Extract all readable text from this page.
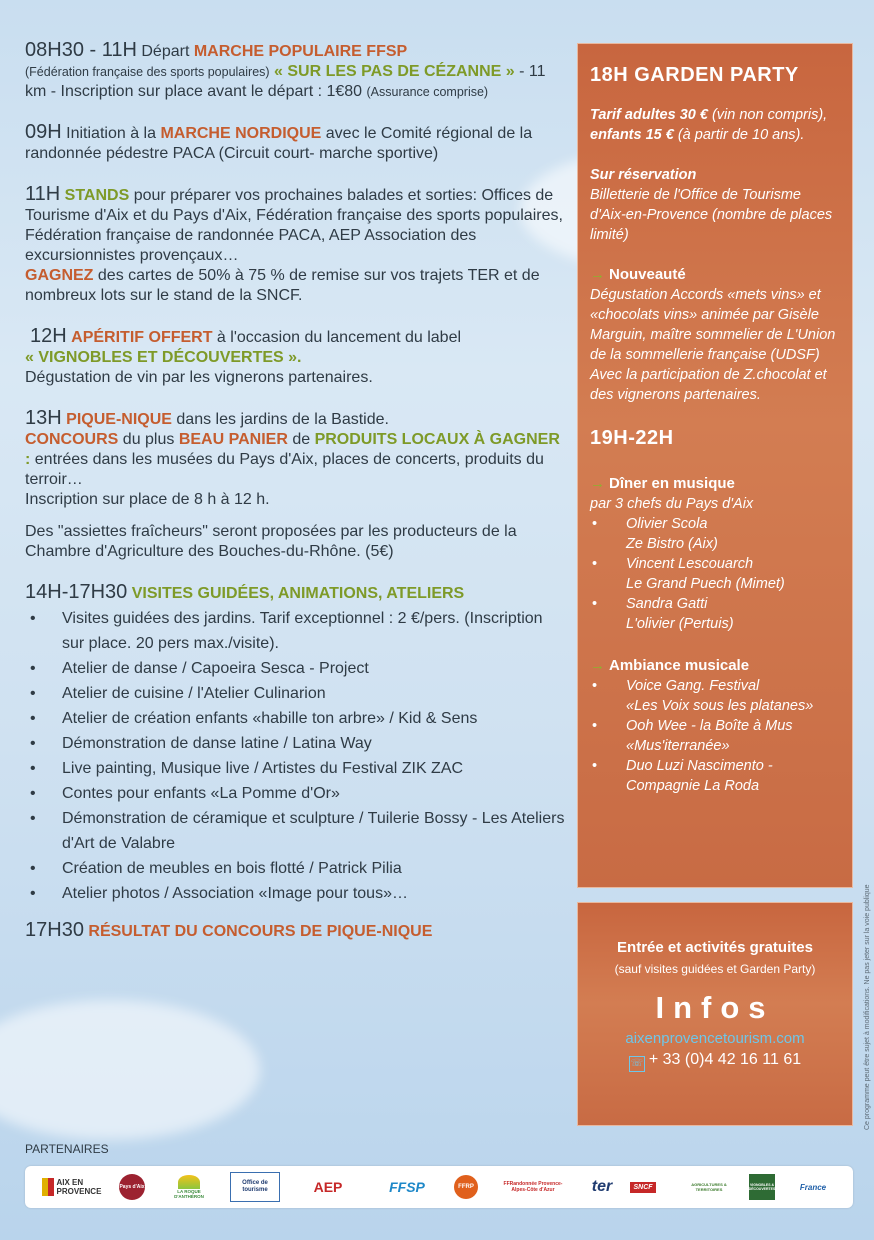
08H30 - 11H Départ MARCHE POPULAIRE FFSP
(Fédération française des sports populaires) « SUR LES PAS DE CÉZANNE » - 11 km - Inscription sur place avant le départ : 1€80 (Assurance comprise)
09H Initiation à la MARCHE NORDIQUE avec le Comité régional de la randonnée pédestre PACA (Circuit court- marche sportive)
11H STANDS pour préparer vos prochaines balades et sorties: Offices de Tourisme d'Aix et du Pays d'Aix, Fédération française des sports populaires, Fédération française de randonnée PACA, AEP Association des excursionnistes provençaux…
GAGNEZ des cartes de 50% à 75 % de remise sur vos trajets TER et de nombreux lots sur le stand de la SNCF.
12H APÉRITIF OFFERT à l'occasion du lancement du label
« VIGNOBLES ET DÉCOUVERTES ».
Dégustation de vin par les vignerons partenaires.
13H PIQUE-NIQUE dans les jardins de la Bastide.
CONCOURS du plus BEAU PANIER de PRODUITS LOCAUX À GAGNER : entrées dans les musées du Pays d'Aix, places de concerts, produits du terroir…
Inscription sur place de 8 h à 12 h.
Des "assiettes fraîcheurs" seront proposées par les producteurs de la Chambre d'Agriculture des Bouches-du-Rhône. (5€)
14H-17H30 VISITES GUIDÉES, ANIMATIONS, ATELIERS
• Visites guidées des jardins. Tarif exceptionnel : 2 €/pers. (Inscription sur place. 20 pers max./visite).
• Atelier de danse / Capoeira Sesca - Project
• Atelier de cuisine / l'Atelier Culinarion
• Atelier de création enfants «habille ton arbre» / Kid & Sens
• Démonstration de danse latine / Latina Way
• Live painting, Musique live / Artistes du Festival ZIK ZAC
• Contes pour enfants «La Pomme d'Or»
• Démonstration de céramique et sculpture / Tuilerie Bossy - Les Ateliers d'Art de Valabre
• Création de meubles en bois flotté / Patrick Pilia
• Atelier photos / Association «Image pour tous»…
17H30 RÉSULTAT DU CONCOURS DE PIQUE-NIQUE
18H GARDEN PARTY
Tarif adultes 30 € (vin non compris), enfants 15 € (à partir de 10 ans).
Sur réservation
Billetterie de l'Office de Tourisme d'Aix-en-Provence (nombre de places limité)
→ Nouveauté
Dégustation Accords «mets vins» et «chocolats vins» animée par Gisèle Marguin, maître sommelier de L'Union de la sommellerie française (UDSF) Avec la participation de Z.chocolat et des vignerons partenaires.
19H-22H
→ Dîner en musique
par 3 chefs du Pays d'Aix
• Olivier Scola
Ze Bistro (Aix)
• Vincent Lescouarch
Le Grand Puech (Mimet)
• Sandra Gatti
L'olivier (Pertuis)
→ Ambiance musicale
• Voice Gang. Festival
«Les Voix sous les platanes»
• Ooh Wee - la Boîte à Mus
«Mus'iterranée»
• Duo Luzi Nascimento -
Compagnie La Roda
Entrée et activités gratuites
(sauf visites guidées et Garden Party)
Infos
aixenprovencetourism.com
☏ + 33 (0)4 42 16 11 61	Ce programme peut être sujet à modifications. Ne pas jeter sur la voie publique
PARTENAIRES
AIX EN PROVENCE	Pays d'Aix
LA ROQUE D'ANTHÉRON
Office de tourisme	AEP	FFSP	FFRP	FFRandonnée Provence-Alpes-Côte d'Azur	ter	SNCF	AGRICULTURES & TERRITOIRES
VIGNOBLES & DÉCOUVERTES	France
